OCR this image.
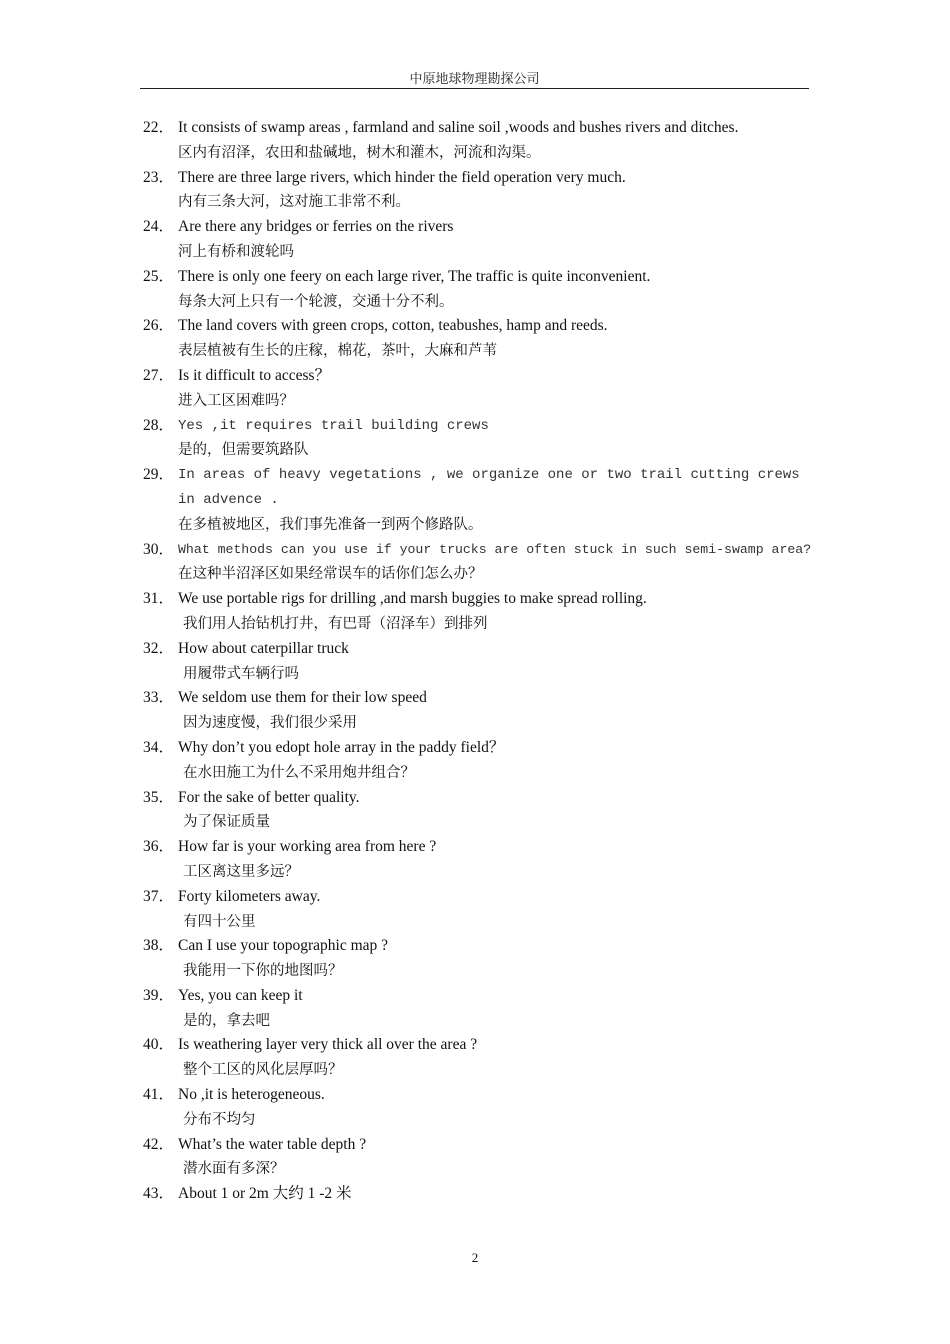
中原地球物理勘探公司
22． It consists of swamp areas , farmland and saline soil ,woods and bushes rivers and ditches.
区内有沼泽，农田和盐碱地，树木和灌木，河流和沟渠。
23． There are three large rivers, which hinder the field operation very much.
内有三条大河，这对施工非常不利。
24． Are there any bridges or ferries on the rivers
河上有桥和渡轮吗
25． There is only one feery on each large river, The traffic is quite inconvenient.
每条大河上只有一个轮渡，交通十分不利。
26． The land covers with green crops, cotton, teabushes, hamp and reeds.
表层植被有生长的庄稼，棉花，茶叶，大麻和芦苇
27． Is it difficult to access？
进入工区困难吗？
28． Yes ,it requires trail building crews
是的，但需要筑路队
29． In areas of heavy vegetations , we organize one or two trail cutting crews in advence .
在多植被地区，我们事先准备一到两个修路队。
30． What methods can you use if your trucks are often stuck in such semi-swamp area?
在这种半沼泽区如果经常误车的话你们怎么办？
31． We use portable rigs for drilling ,and marsh buggies to make spread rolling.
我们用人抬钻机打井，有巴哥（沼泽车）到排列
32． How about caterpillar truck
用履带式车辆行吗
33． We seldom use them for their low speed
因为速度慢，我们很少采用
34． Why don’t you edopt hole array in the paddy field？
在水田施工为什么不采用炮井组合？
35． For the sake of better quality.
为了保证质量
36． How far is your working area from here ?
工区离这里多远？
37． Forty kilometers away.
有四十公里
38． Can I use your topographic map ?
我能用一下你的地图吗？
39． Yes, you can keep it
是的，拿去吧
40． Is weathering layer very thick all over the area ?
整个工区的风化层厚吗？
41． No ,it is heterogeneous.
分布不均匀
42． What’s the water table depth ?
潜水面有多深？
43． About 1 or 2m 大约 1 -2 米
2
